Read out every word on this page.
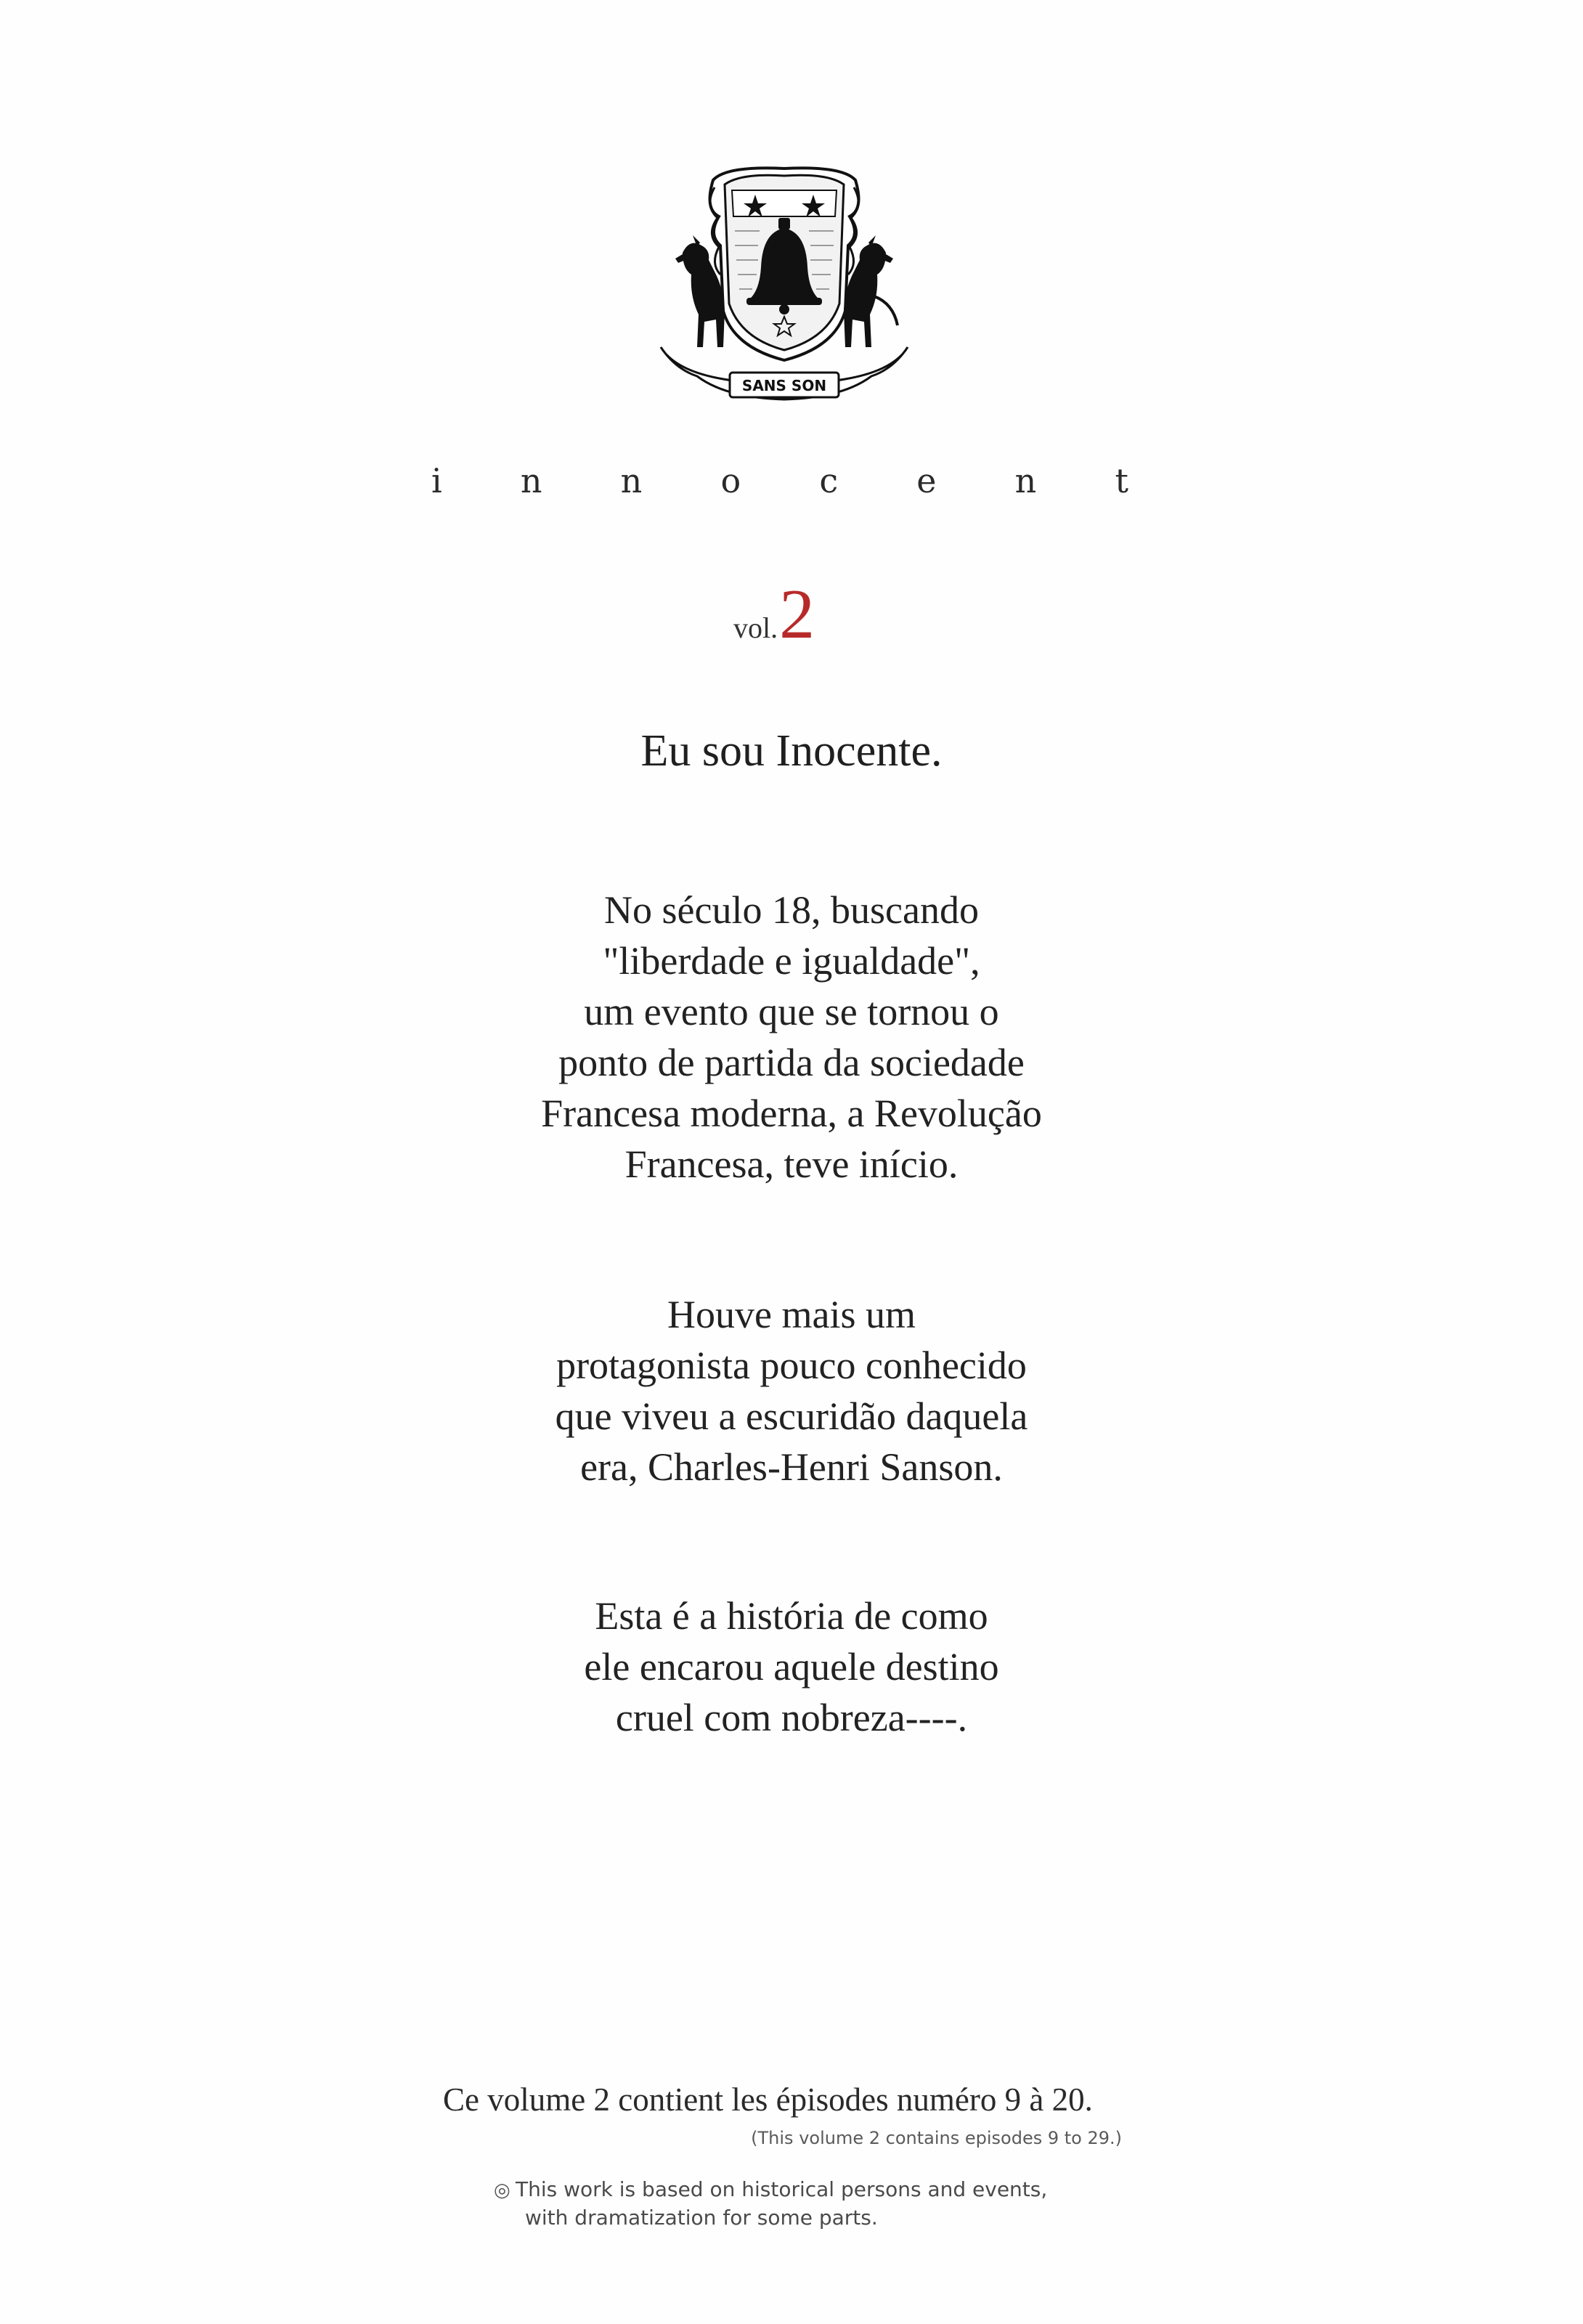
SANS SON
i n n o c e n t
vol. 2
Eu sou Inocente.
No século 18, buscando
"liberdade e igualdade",
um evento que se tornou o
ponto de partida da sociedade
Francesa moderna, a Revolução
Francesa, teve início.
Houve mais um
protagonista pouco conhecido
que viveu a escuridão daquela
era, Charles-Henri Sanson.
Esta é a história de como
ele encarou aquele destino
cruel com nobreza----.
Ce volume 2 contient les épisodes numéro 9 à 20.
(This volume 2 contains episodes 9 to 29.)
◎ This work is based on historical persons and events,
with dramatization for some parts.
